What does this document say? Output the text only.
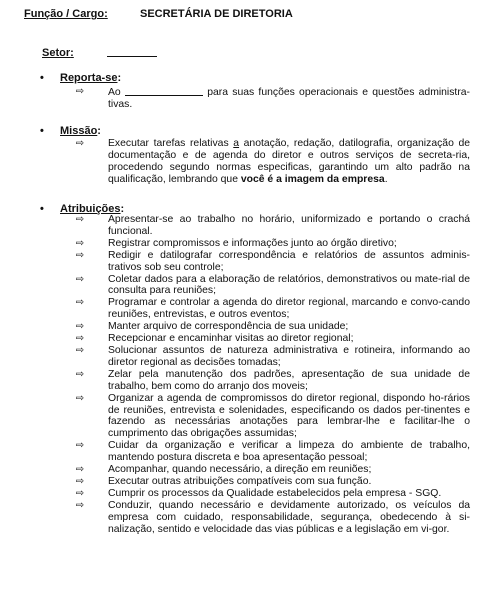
Função / Cargo:	SECRETÁRIA DE DIRETORIA
Setor:
• Reporta-se:
⇨ Ao	para suas funções operacionais e questões administra-tivas.
• Missão:
⇨ Executar tarefas relativas a anotação, redação, datilografia, organização de documentação e de agenda do diretor e outros serviços de secreta-ria, procedendo segundo normas especificas, garantindo um alto padrão na qualificação, lembrando que você é a imagem da empresa.
• Atribuições:
⇨ Apresentar-se ao trabalho no horário, uniformizado e portando o crachá funcional.
⇨ Registrar compromissos e informações junto ao órgão diretivo;
⇨ Redigir e datilografar correspondência e relatórios de assuntos adminis-trativos sob seu controle;
⇨ Coletar dados para a elaboração de relatórios, demonstrativos ou mate-rial de consulta para reuniões;
⇨ Programar e controlar a agenda do diretor regional, marcando e convo-cando reuniões, entrevistas, e outros eventos;
⇨ Manter arquivo de correspondência de sua unidade;
⇨ Recepcionar e encaminhar visitas ao diretor regional;
⇨ Solucionar assuntos de natureza administrativa e rotineira, informando ao diretor regional as decisões tomadas;
⇨ Zelar pela manutenção dos padrões, apresentação de sua unidade de trabalho, bem como do arranjo dos moveis;
⇨ Organizar a agenda de compromissos do diretor regional, dispondo ho-rários de reuniões, entrevista e solenidades, especificando os dados per-tinentes e fazendo as necessárias anotações para lembrar-lhe e facilitar-lhe o cumprimento das obrigações assumidas;
⇨ Cuidar da organização e verificar a limpeza do ambiente de trabalho, mantendo postura discreta e boa apresentação pessoal;
⇨ Acompanhar, quando necessário, a direção em reuniões;
⇨ Executar outras atribuições compatíveis com sua função.
⇨ Cumprir os processos da Qualidade estabelecidos pela empresa - SGQ.
⇨ Conduzir, quando necessário e devidamente autorizado, os veículos da empresa com cuidado, responsabilidade, segurança, obedecendo à si-nalização, sentido e velocidade das vias públicas e a legislação em vi-gor.
